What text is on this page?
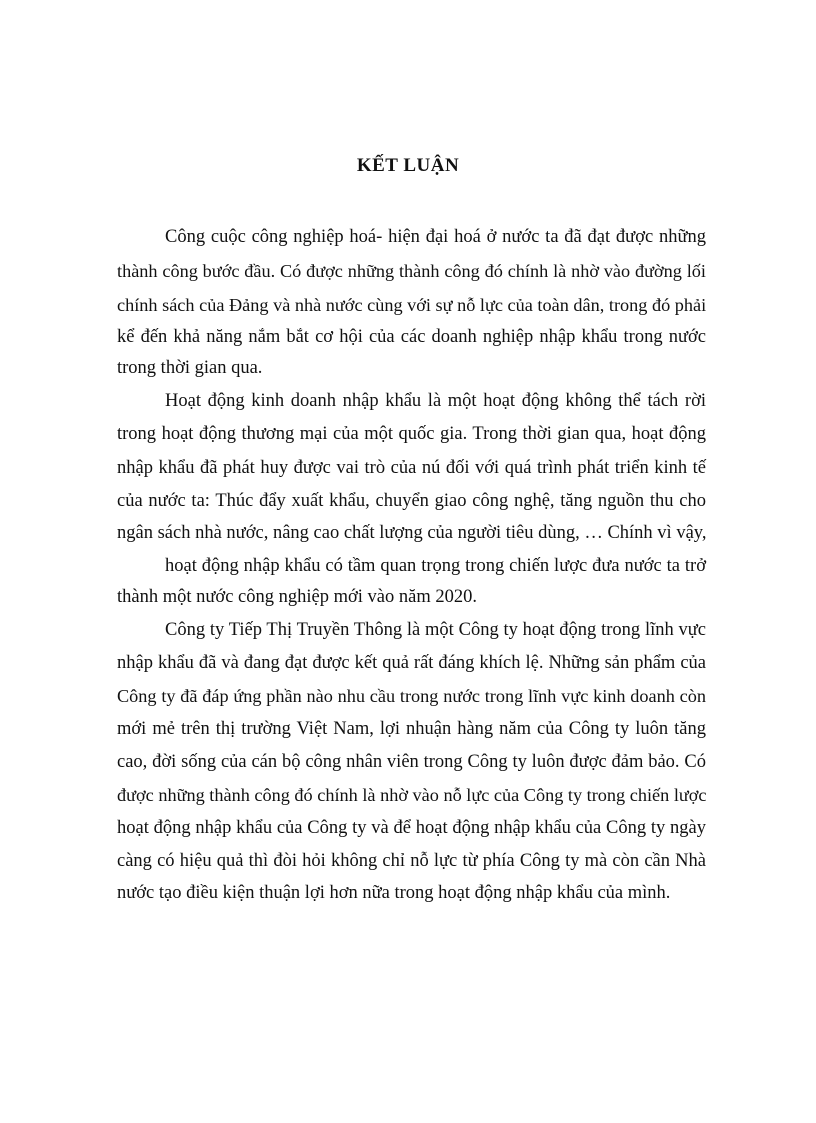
KẾT LUẬN
Công cuộc công nghiệp hoá- hiện đại hoá ở nước ta đã đạt được những
thành công bước đầu. Có được những thành công đó chính là nhờ vào đường lối
chính sách của Đảng và nhà nước cùng với sự nỗ lực của toàn dân, trong đó phải
kể đến khả năng nắm bắt cơ hội của các doanh nghiệp nhập khẩu trong nước
trong thời gian qua.
Hoạt động kinh doanh nhập khẩu là một hoạt động không thể tách rời
trong hoạt động thương mại của một quốc gia. Trong thời gian qua, hoạt động
nhập khẩu đã phát huy được vai trò của nú đối với quá trình phát triển kinh tế
của nước ta: Thúc đẩy xuất khẩu, chuyển giao công nghệ, tăng nguồn thu cho
ngân sách nhà nước, nâng cao chất lượng của người tiêu dùng, … Chính vì vậy,
hoạt động nhập khẩu có tầm quan trọng trong chiến lược đưa nước ta trở
thành một nước công nghiệp mới vào năm 2020.
Công ty Tiếp Thị Truyền Thông là một Công ty hoạt động trong lĩnh vực
nhập khẩu đã và đang đạt được kết quả rất đáng khích lệ. Những sản phẩm của
Công ty đã đáp ứng phần nào nhu cầu trong nước trong lĩnh vực kinh doanh còn
mới mẻ trên thị trường Việt Nam, lợi nhuận hàng năm của Công ty luôn tăng
cao, đời sống của cán bộ công nhân viên trong Công ty luôn được đảm bảo. Có
được những thành công đó chính là nhờ vào nỗ lực của Công ty trong chiến lược
hoạt động nhập khẩu của Công ty và để hoạt động nhập khẩu của Công ty ngày
càng có hiệu quả thì đòi hỏi không chỉ nỗ lực từ phía Công ty mà còn cần Nhà
nước tạo điều kiện thuận lợi hơn nữa trong hoạt động nhập khẩu của mình.
